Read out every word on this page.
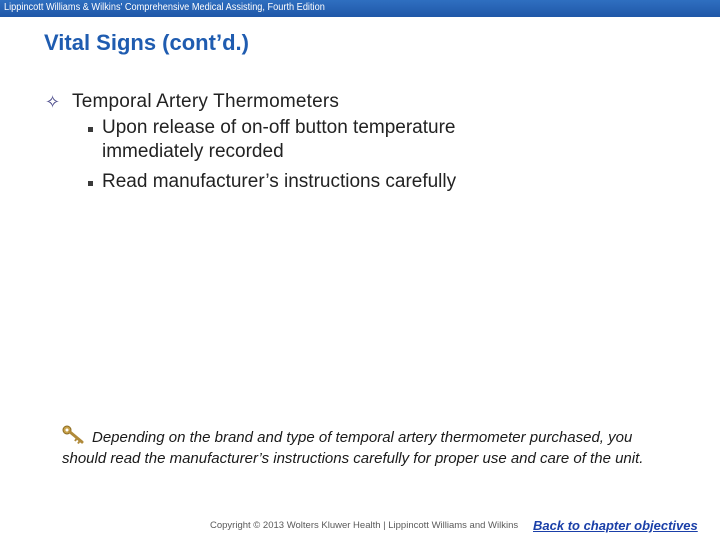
Lippincott Williams & Wilkins' Comprehensive Medical Assisting, Fourth Edition
Vital Signs (cont’d.)
✧ Temporal Artery Thermometers
Upon release of on-off button temperature immediately recorded
Read manufacturer’s instructions carefully
Depending on the brand and type of temporal artery thermometer purchased, you should read the manufacturer’s instructions carefully for proper use and care of the unit.
Copyright © 2013 Wolters Kluwer Health | Lippincott Williams and Wilkins Back to chapter objectives
